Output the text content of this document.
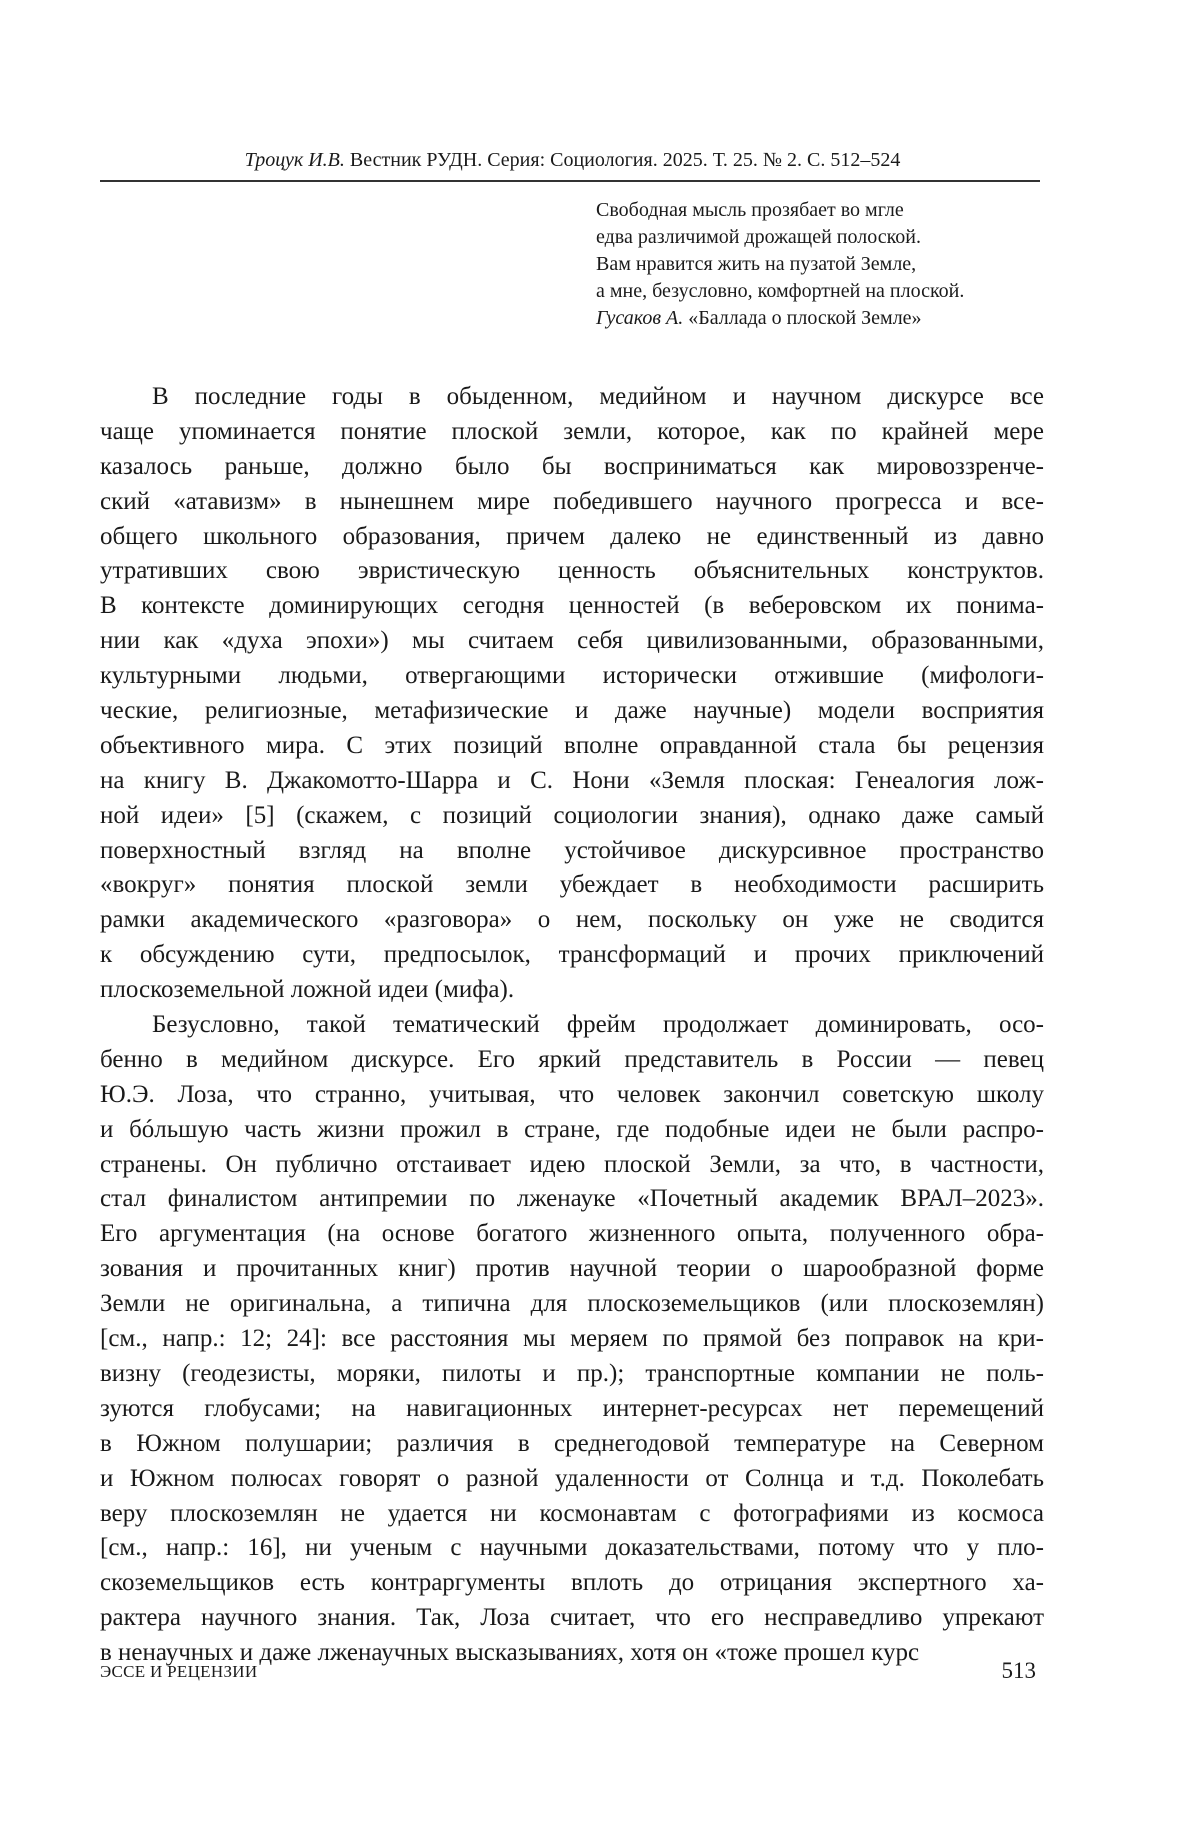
Троцук И.В. Вестник РУДН. Серия: Социология. 2025. Т. 25. № 2. С. 512–524
Свободная мысль прозябает во мгле
едва различимой дрожащей полоской.
Вам нравится жить на пузатой Земле,
а мне, безусловно, комфортней на плоской.
Гусаков А. «Баллада о плоской Земле»
В последние годы в обыденном, медийном и научном дискурсе все
чаще упоминается понятие плоской земли, которое, как по крайней мере
казалось раньше, должно было бы восприниматься как мировоззренче-
ский «атавизм» в нынешнем мире победившего научного прогресса и все-
общего школьного образования, причем далеко не единственный из давно
утративших свою эвристическую ценность объяснительных конструктов.
В контексте доминирующих сегодня ценностей (в веберовском их понима-
нии как «духа эпохи») мы считаем себя цивилизованными, образованными,
культурными людьми, отвергающими исторически отжившие (мифологи-
ческие, религиозные, метафизические и даже научные) модели восприятия
объективного мира. С этих позиций вполне оправданной стала бы рецензия
на книгу В. Джакомотто-Шарра и С. Нони «Земля плоская: Генеалогия лож-
ной идеи» [5] (скажем, с позиций социологии знания), однако даже самый
поверхностный взгляд на вполне устойчивое дискурсивное пространство
«вокруг» понятия плоской земли убеждает в необходимости расширить
рамки академического «разговора» о нем, поскольку он уже не сводится
к обсуждению сути, предпосылок, трансформаций и прочих приключений
плоскоземельной ложной идеи (мифа).
Безусловно, такой тематический фрейм продолжает доминировать, осо-
бенно в медийном дискурсе. Его яркий представитель в России — певец
Ю.Э. Лоза, что странно, учитывая, что человек закончил советскую школу
и бóльшую часть жизни прожил в стране, где подобные идеи не были распро-
странены. Он публично отстаивает идею плоской Земли, за что, в частности,
стал финалистом антипремии по лженауке «Почетный академик ВРАЛ–2023».
Его аргументация (на основе богатого жизненного опыта, полученного обра-
зования и прочитанных книг) против научной теории о шарообразной форме
Земли не оригинальна, а типична для плоскоземельщиков (или плоскоземлян)
[см., напр.: 12; 24]: все расстояния мы меряем по прямой без поправок на кри-
визну (геодезисты, моряки, пилоты и пр.); транспортные компании не поль-
зуются глобусами; на навигационных интернет-ресурсах нет перемещений
в Южном полушарии; различия в среднегодовой температуре на Северном
и Южном полюсах говорят о разной удаленности от Солнца и т.д. Поколебать
веру плоскоземлян не удается ни космонавтам с фотографиями из космоса
[см., напр.: 16], ни ученым с научными доказательствами, потому что у пло-
скоземельщиков есть контраргументы вплоть до отрицания экспертного ха-
рактера научного знания. Так, Лоза считает, что его несправедливо упрекают
в ненаучных и даже лженаучных высказываниях, хотя он «тоже прошел курс
ЭССЕ И РЕЦЕНЗИИ	513
